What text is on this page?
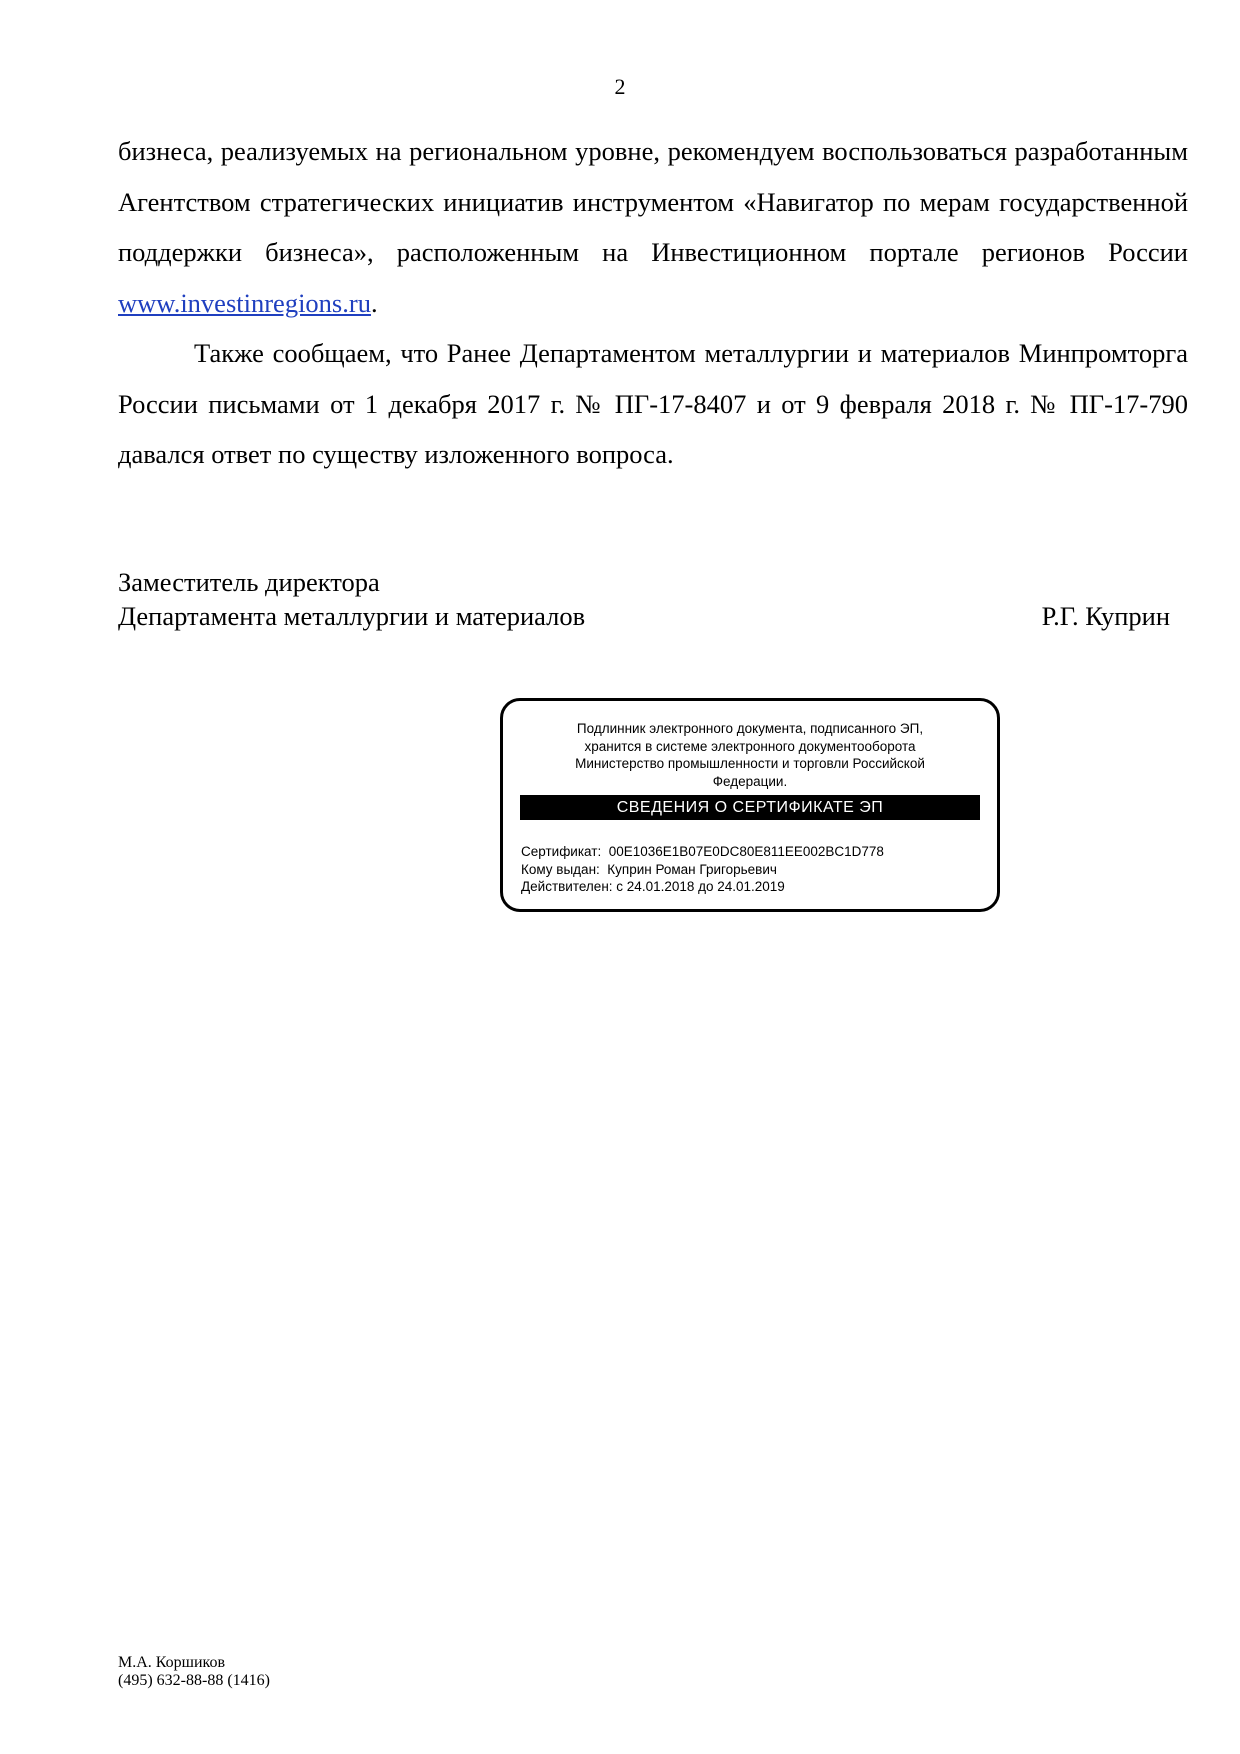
2

бизнеса, реализуемых на региональном уровне, рекомендуем воспользоваться разработанным Агентством стратегических инициатив инструментом «Навигатор по мерам государственной поддержки бизнеса», расположенным на Инвестиционном портале регионов России www.investinregions.ru.

Также сообщаем, что Ранее Департаментом металлургии и материалов Минпромторга России письмами от 1 декабря 2017 г. № ПГ-17-8407 и от 9 февраля 2018 г. № ПГ-17-790 давался ответ по существу изложенного вопроса.

Заместитель директора
Департамента металлургии и материалов	Р.Г. Куприн
Подлинник электронного документа, подписанного ЭП,
хранится в системе электронного документооборота
Министерство промышленности и торговли Российской
Федерации.
СВЕДЕНИЯ О СЕРТИФИКАТЕ ЭП
Сертификат: 00E1036E1B07E0DC80E811EE002BC1D778
Кому выдан: Куприн Роман Григорьевич
Действителен: с 24.01.2018 до 24.01.2019
М.А. Коршиков
(495) 632-88-88 (1416)
